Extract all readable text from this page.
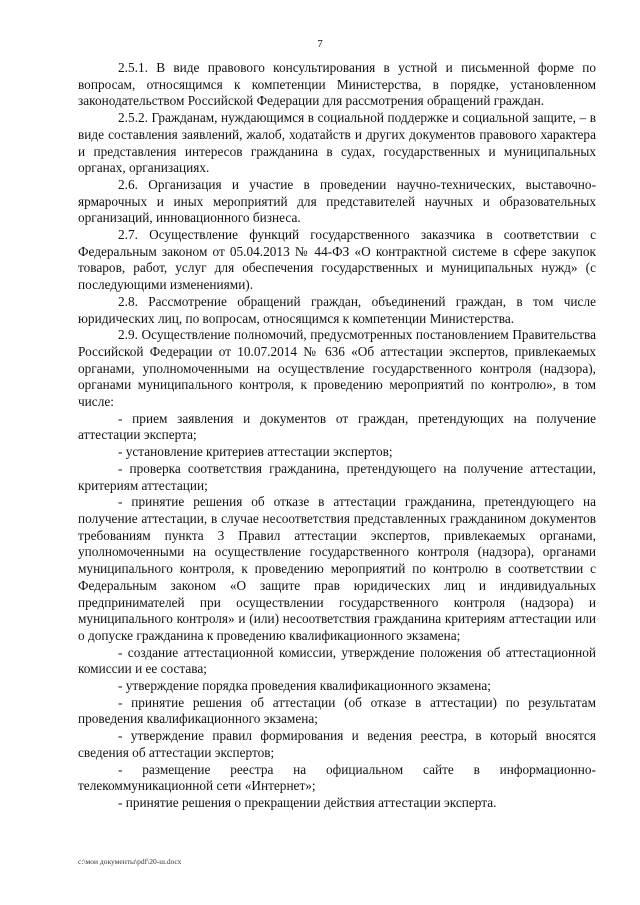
7

2.5.1. В виде правового консультирования в устной и письменной форме по вопросам, относящимся к компетенции Министерства, в порядке, установленном законодательством Российской Федерации для рассмотрения обращений граждан.

2.5.2. Гражданам, нуждающимся в социальной поддержке и социальной защите, – в виде составления заявлений, жалоб, ходатайств и других документов правового характера и представления интересов гражданина в судах, государственных и муниципальных органах, организациях.

2.6. Организация и участие в проведении научно-технических, выставочно-ярмарочных и иных мероприятий для представителей научных и образовательных организаций, инновационного бизнеса.

2.7. Осуществление функций государственного заказчика в соответствии с Федеральным законом от 05.04.2013 № 44-ФЗ «О контрактной системе в сфере закупок товаров, работ, услуг для обеспечения государственных и муниципальных нужд» (с последующими изменениями).

2.8. Рассмотрение обращений граждан, объединений граждан, в том числе юридических лиц, по вопросам, относящимся к компетенции Министерства.

2.9. Осуществление полномочий, предусмотренных постановлением Правительства Российской Федерации от 10.07.2014 № 636 «Об аттестации экспертов, привлекаемых органами, уполномоченными на осуществление государственного контроля (надзора), органами муниципального контроля, к проведению мероприятий по контролю», в том числе:

- прием заявления и документов от граждан, претендующих на получение аттестации эксперта;

- установление критериев аттестации экспертов;

- проверка соответствия гражданина, претендующего на получение аттестации, критериям аттестации;

- принятие решения об отказе в аттестации гражданина, претендующего на получение аттестации, в случае несоответствия представленных гражданином документов требованиям пункта 3 Правил аттестации экспертов, привлекаемых органами, уполномоченными на осуществление государственного контроля (надзора), органами муниципального контроля, к проведению мероприятий по контролю в соответствии с Федеральным законом «О защите прав юридических лиц и индивидуальных предпринимателей при осуществлении государственного контроля (надзора) и муниципального контроля» и (или) несоответствия гражданина критериям аттестации или о допуске гражданина к проведению квалификационного экзамена;

- создание аттестационной комиссии, утверждение положения об аттестационной комиссии и ее состава;

- утверждение порядка проведения квалификационного экзамена;

- принятие решения об аттестации (об отказе в аттестации) по результатам проведения квалификационного экзамена;

- утверждение правил формирования и ведения реестра, в который вносятся сведения об аттестации экспертов;

- размещение реестра на официальном сайте в информационно-телекоммуникационной сети «Интернет»;

- принятие решения о прекращении действия аттестации эксперта.

c:\мои документы\pdf\20-ш.docx
